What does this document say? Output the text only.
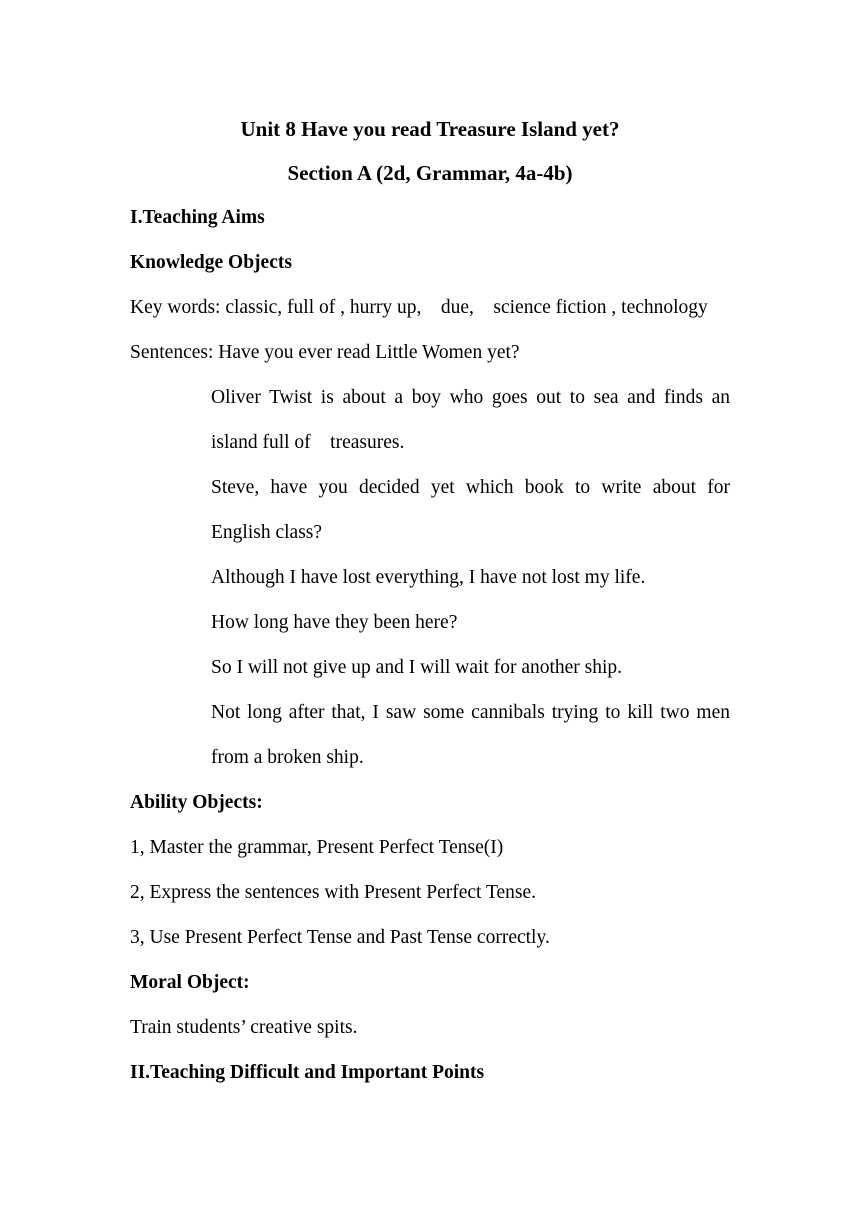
Unit 8 Have you read Treasure Island yet?
Section A (2d, Grammar, 4a-4b)
I.Teaching Aims
Knowledge Objects
Key words: classic, full of , hurry up,    due,    science fiction , technology
Sentences: Have you ever read Little Women yet?
Oliver Twist is about a boy who goes out to sea and finds an
island full of    treasures.
Steve, have you decided yet which book to write about for
English class?
Although I have lost everything, I have not lost my life.
How long have they been here?
So I will not give up and I will wait for another ship.
Not long after that, I saw some cannibals trying to kill two men
from a broken ship.
Ability Objects:
1, Master the grammar, Present Perfect Tense(I)
2, Express the sentences with Present Perfect Tense.
3, Use Present Perfect Tense and Past Tense correctly.
Moral Object:
Train students’ creative spits.
II.Teaching Difficult and Important Points
